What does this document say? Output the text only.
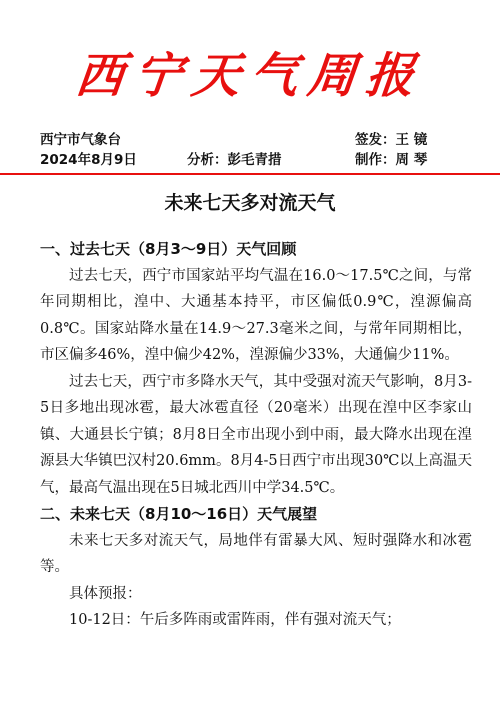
西宁天气周报
西宁市气象台	签发：王 镜
2024年8月9日	分析：彭毛青措	制作：周 琴
未来七天多对流天气

一、过去七天（8月3〜9日）天气回顾

过去七天，西宁市国家站平均气温在16.0〜17.5℃之间，与常年同期相比，湟中、大通基本持平，市区偏低0.9℃，湟源偏高0.8℃。国家站降水量在14.9〜27.3毫米之间，与常年同期相比，市区偏多46%，湟中偏少42%，湟源偏少33%，大通偏少11%。

过去七天，西宁市多降水天气，其中受强对流天气影响，8月3-5日多地出现冰雹，最大冰雹直径（20毫米）出现在湟中区李家山镇、大通县长宁镇；8月8日全市出现小到中雨，最大降水出现在湟源县大华镇巴汉村20.6mm。8月4-5日西宁市出现30℃以上高温天气，最高气温出现在5日城北西川中学34.5℃。

二、未来七天（8月10〜16日）天气展望

未来七天多对流天气，局地伴有雷暴大风、短时强降水和冰雹等。

具体预报：

10-12日：午后多阵雨或雷阵雨，伴有强对流天气；
